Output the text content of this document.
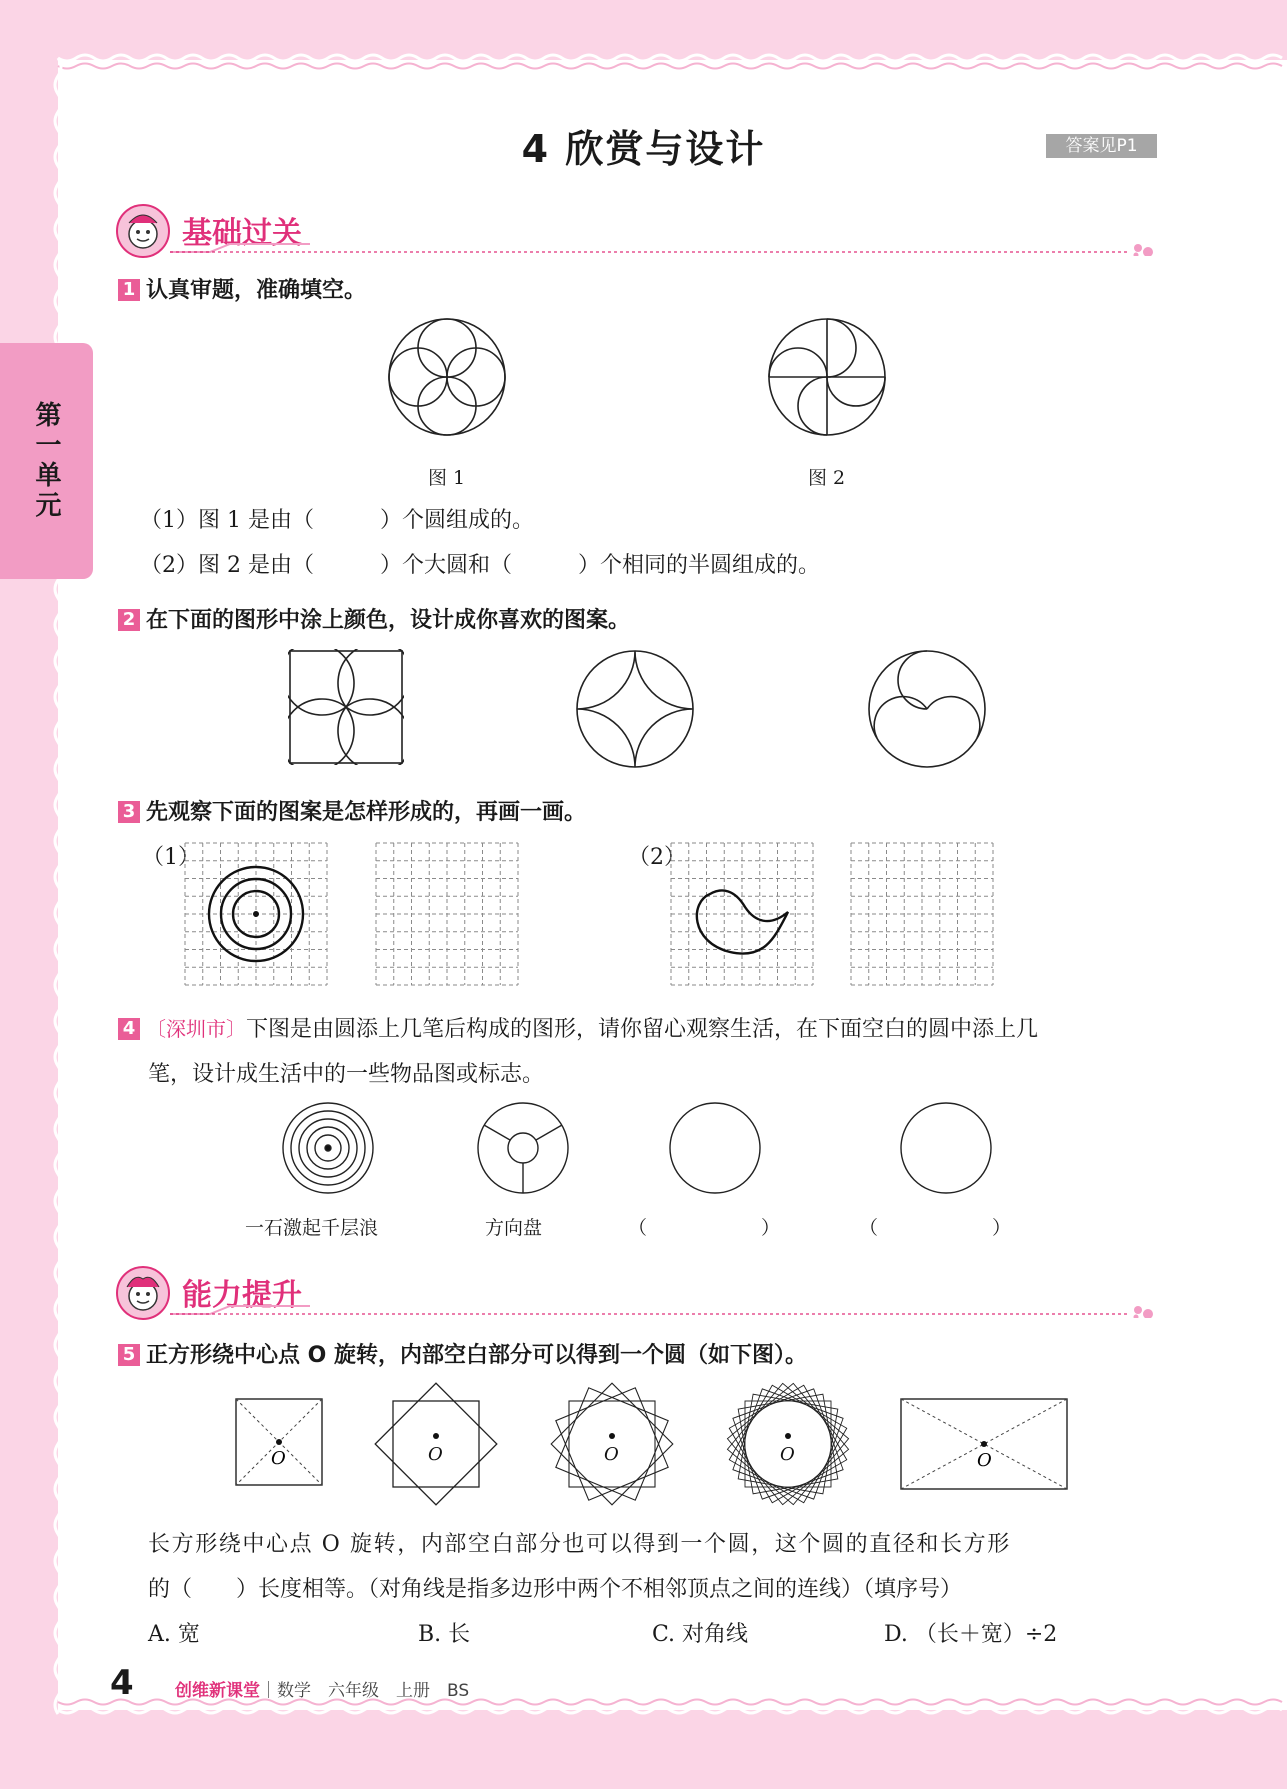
第一单元
4 欣赏与设计	答案见P1
基础过关
1 认真审题，准确填空。
图 1	图 2
（1）图 1 是由（　　　）个圆组成的。
（2）图 2 是由（　　　）个大圆和（　　　）个相同的半圆组成的。
2 在下面的图形中涂上颜色，设计成你喜欢的图案。
3 先观察下面的图案是怎样形成的，再画一画。
（1）	（2）
4 〔深圳市〕下图是由圆添上几笔后构成的图形，请你留心观察生活，在下面空白的圆中添上几
笔，设计成生活中的一些物品图或标志。
一石激起千层浪	方向盘	（　　　　　　）	（　　　　　　）
能力提升
5 正方形绕中心点 O 旋转，内部空白部分可以得到一个圆（如下图）。
O	O	O	O	O
长方形绕中心点 O 旋转，内部空白部分也可以得到一个圆，这个圆的直径和长方形
的（　　）长度相等。（对角线是指多边形中两个不相邻顶点之间的连线）（填序号）
A. 宽	B. 长	C. 对角线	D. （长＋宽）÷2
4 创维新课堂｜数学　六年级　上册　BS
